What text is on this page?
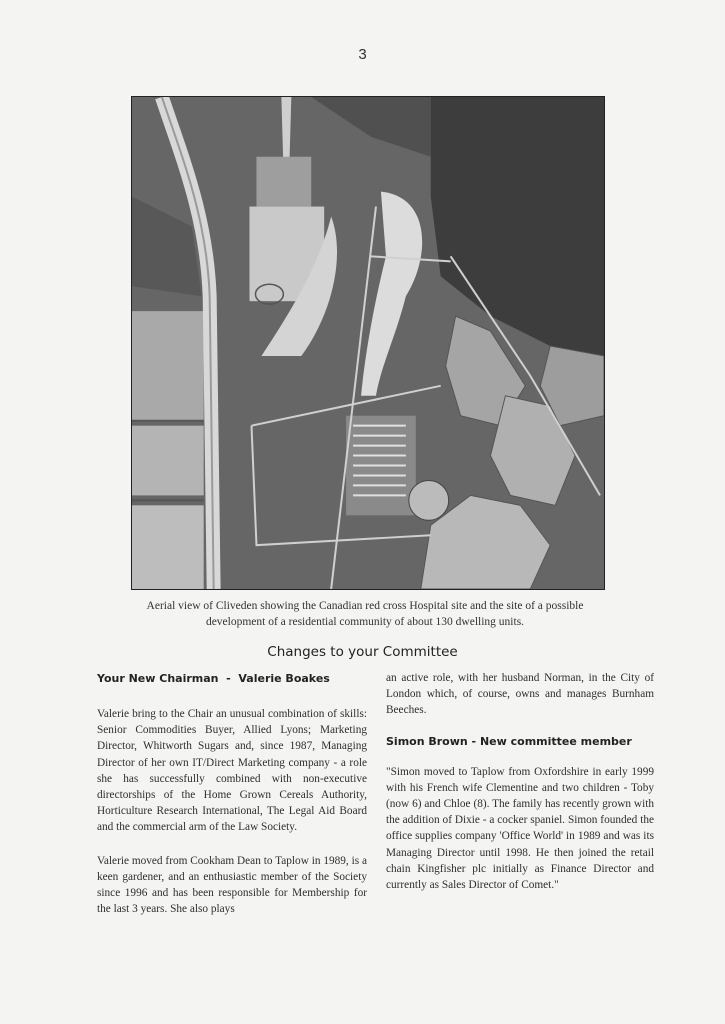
3
Aerial view of Cliveden showing the Canadian red cross Hospital site and the site of a possible development of a residential community of about 130 dwelling units.
Changes to your Committee
Your New Chairman  -  Valerie Boakes

Valerie bring to the Chair an unusual combination of skills: Senior Commodities Buyer, Allied Lyons; Marketing Director, Whitworth Sugars and, since 1987, Managing Director of her own IT/Direct Marketing company - a role she has successfully combined with non-executive directorships of the Home Grown Cereals Authority, Horticulture Research International, The Legal Aid Board and the commercial arm of the Law Society.

Valerie moved from Cookham Dean to Taplow in 1989, is a keen gardener, and an enthusiastic member of the Society since 1996 and has been responsible for Membership for the last 3 years. She also plays

an active role, with her husband Norman, in the City of London which, of course, owns and manages Burnham Beeches.

Simon Brown - New committee member

"Simon moved to Taplow from Oxfordshire in early 1999 with his French wife Clementine and two children - Toby (now 6) and Chloe (8). The family has recently grown with the addition of Dixie - a cocker spaniel. Simon founded the office supplies company 'Office World' in 1989 and was its Managing Director until 1998. He then joined the retail chain Kingfisher plc initially as Finance Director and currently as Sales Director of Comet."
